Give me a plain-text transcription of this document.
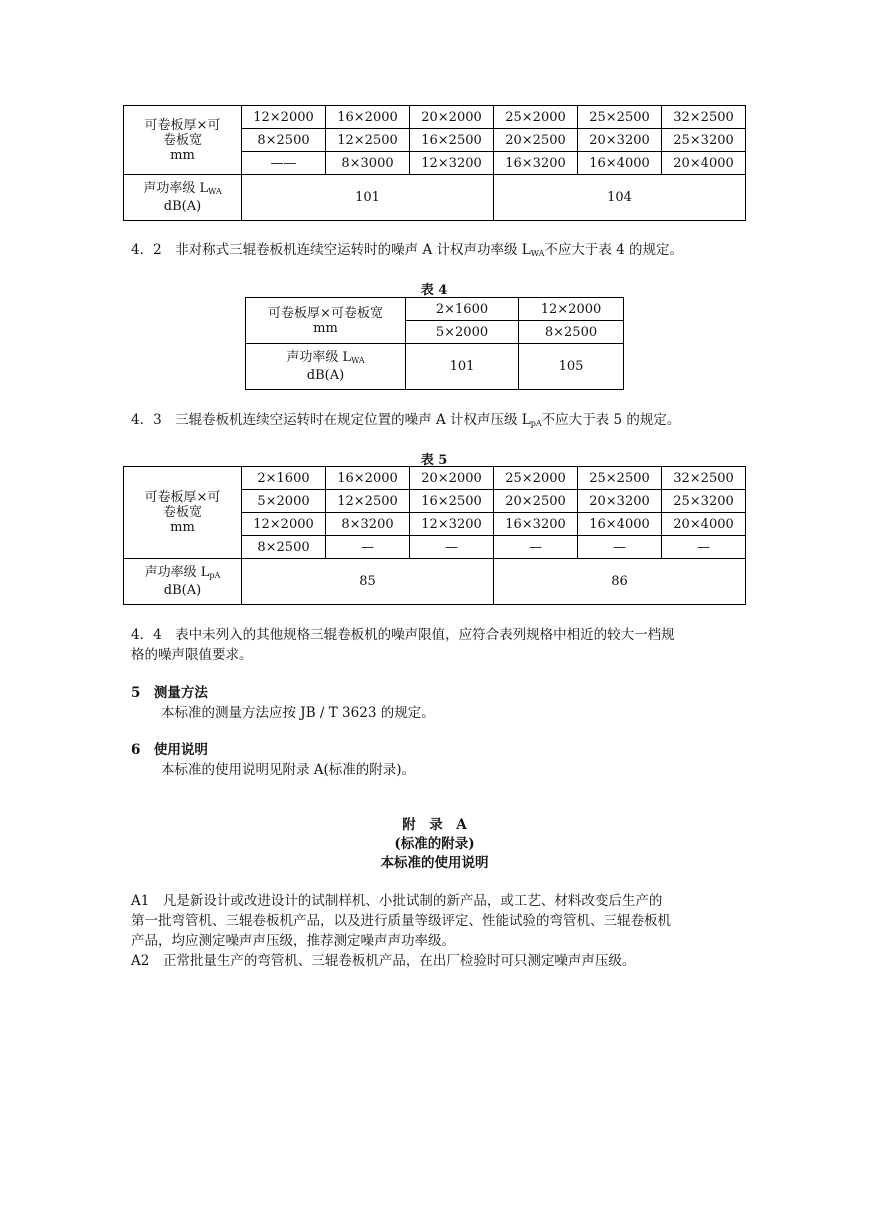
可卷板厚×可
卷板宽
mm	12×2000	16×2000	20×2000	25×2000	25×2500	32×2500
	8×2500	12×2500	16×2500	20×2500	20×3200	25×3200
	——	8×3000	12×3200	16×3200	16×4000	20×4000

声功率级 $L_{WA}$
dB(A)	101			104		
4．2　非对称式三辊卷板机连续空运转时的噪声 A 计权声功率级 $L_{WA}$不应大于表 4 的规定。
表 4
可卷板厚×可卷板宽
mm	2×1600	12×2000
	5×2000	8×2500

声功率级 $L_{WA}$
dB(A)	101	105
4．3　三辊卷板机连续空运转时在规定位置的噪声 A 计权声压级 $L_{pA}$不应大于表 5 的规定。
表 5
可卷板厚×可
卷板宽
mm	2×1600	16×2000	20×2000	25×2000	25×2500	32×2500
	5×2000	12×2500	16×2500	20×2500	20×3200	25×3200
	12×2000	8×3200	12×3200	16×3200	16×4000	20×4000
	8×2500	—	—	—	—	—

声功率级 $L_{pA}$
dB(A)	85			86		
4．4　表中未列入的其他规格三辊卷板机的噪声限值，应符合表列规格中相近的较大一档规
格的噪声限值要求。
5　测量方法
本标准的测量方法应按 JB / T 3623 的规定。
6　使用说明
本标准的使用说明见附录 A(标准的附录)。
附　录　A
(标准的附录)
本标准的使用说明
A1　凡是新设计或改进设计的试制样机、小批试制的新产品，或工艺、材料改变后生产的
第一批弯管机、三辊卷板机产品，以及进行质量等级评定、性能试验的弯管机、三辊卷板机
产品，均应测定噪声声压级，推荐测定噪声声功率级。
A2　正常批量生产的弯管机、三辊卷板机产品，在出厂检验时可只测定噪声声压级。
